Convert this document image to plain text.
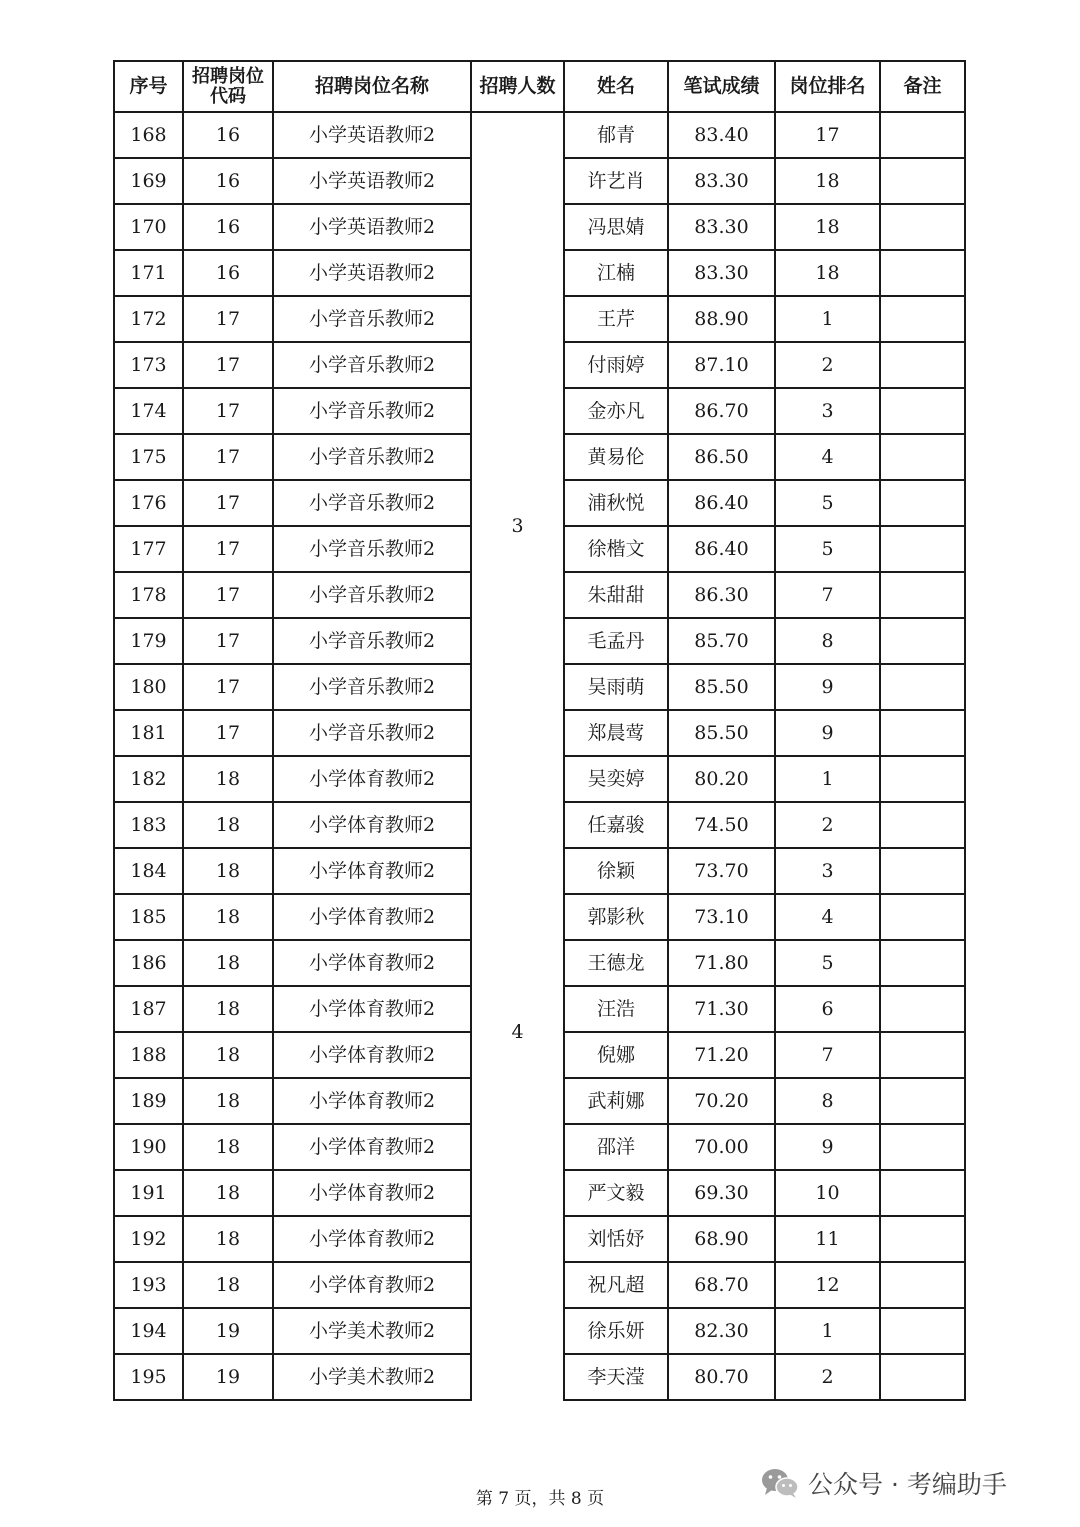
序号	招聘岗位
代码	招聘岗位名称	招聘人数	姓名	笔试成绩	岗位排名	备注
168	16	小学英语教师2		郁青	83.40	17	
169	16	小学英语教师2		许艺肖	83.30	18	
170	16	小学英语教师2		冯思婧	83.30	18	
171	16	小学英语教师2		江楠	83.30	18	
172	17	小学音乐教师2	3	王芹	88.90	1	
173	17	小学音乐教师2		付雨婷	87.10	2	
174	17	小学音乐教师2		金亦凡	86.70	3	
175	17	小学音乐教师2		黄易伦	86.50	4	
176	17	小学音乐教师2		浦秋悦	86.40	5	
177	17	小学音乐教师2		徐楷文	86.40	5	
178	17	小学音乐教师2		朱甜甜	86.30	7	
179	17	小学音乐教师2		毛孟丹	85.70	8	
180	17	小学音乐教师2		吴雨萌	85.50	9	
181	17	小学音乐教师2		郑晨莺	85.50	9	
182	18	小学体育教师2	4	吴奕婷	80.20	1	
183	18	小学体育教师2		任嘉骏	74.50	2	
184	18	小学体育教师2		徐颖	73.70	3	
185	18	小学体育教师2		郭影秋	73.10	4	
186	18	小学体育教师2		王德龙	71.80	5	
187	18	小学体育教师2		汪浩	71.30	6	
188	18	小学体育教师2		倪娜	71.20	7	
189	18	小学体育教师2		武莉娜	70.20	8	
190	18	小学体育教师2		邵洋	70.00	9	
191	18	小学体育教师2		严文毅	69.30	10	
192	18	小学体育教师2		刘恬妤	68.90	11	
193	18	小学体育教师2		祝凡超	68.70	12	
194	19	小学美术教师2		徐乐妍	82.30	1	
195	19	小学美术教师2		李天滢	80.70	2	
第 7 页，共 8 页	公众号 · 考编助手
